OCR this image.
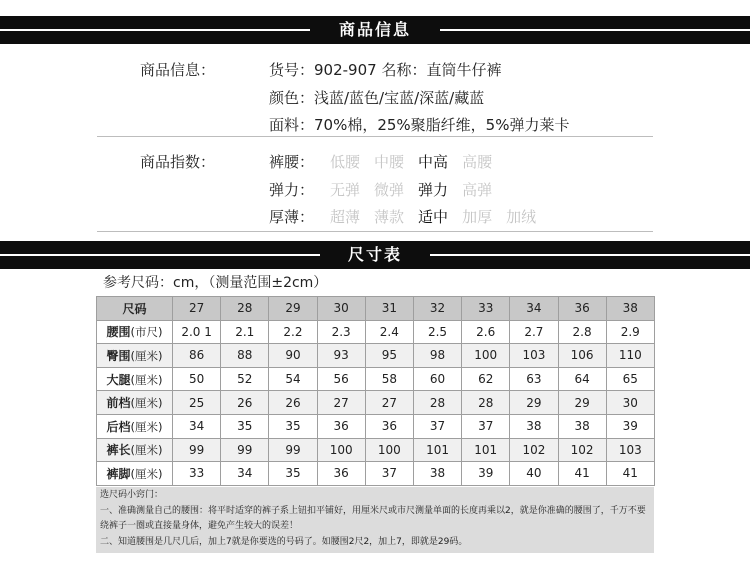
商品信息
商品信息：	货号：902-907 名称：直筒牛仔裤
颜色：浅蓝/蓝色/宝蓝/深蓝/藏蓝
面料：70%棉，25%聚脂纤维，5%弹力莱卡
商品指数：	裤腰： 低腰 中腰 中高 高腰
弹力： 无弹 微弹 弹力 高弹
厚薄： 超薄 薄款 适中 加厚 加绒
尺寸表
参考尺码：cm，（测量范围±2cm）
尺码	27	28	29	30	31	32	33	34	36	38
腰围(市尺)	2.0 1	2.1	2.2	2.3	2.4	2.5	2.6	2.7	2.8	2.9
臀围(厘米)	86	88	90	93	95	98	100	103	106	110
大腿(厘米)	50	52	54	56	58	60	62	63	64	65
前档(厘米)	25	26	26	27	27	28	28	29	29	30
后档(厘米)	34	35	35	36	36	37	37	38	38	39
裤长(厘米)	99	99	99	100	100	101	101	102	102	103
裤脚(厘米)	33	34	35	36	37	38	39	40	41	41
选尺码小窍门：
一、准确测量自己的腰围：将平时适穿的裤子系上钮扣平铺好，用厘米尺或市尺测量单面的长度再乘以2，就是你准确的腰围了，千万不要
绕裤子一圈或直接量身体，避免产生较大的误差！
二、知道腰围是几尺几后，加上7就是你要选的号码了。如腰围2尺2，加上7，即就是29码。
